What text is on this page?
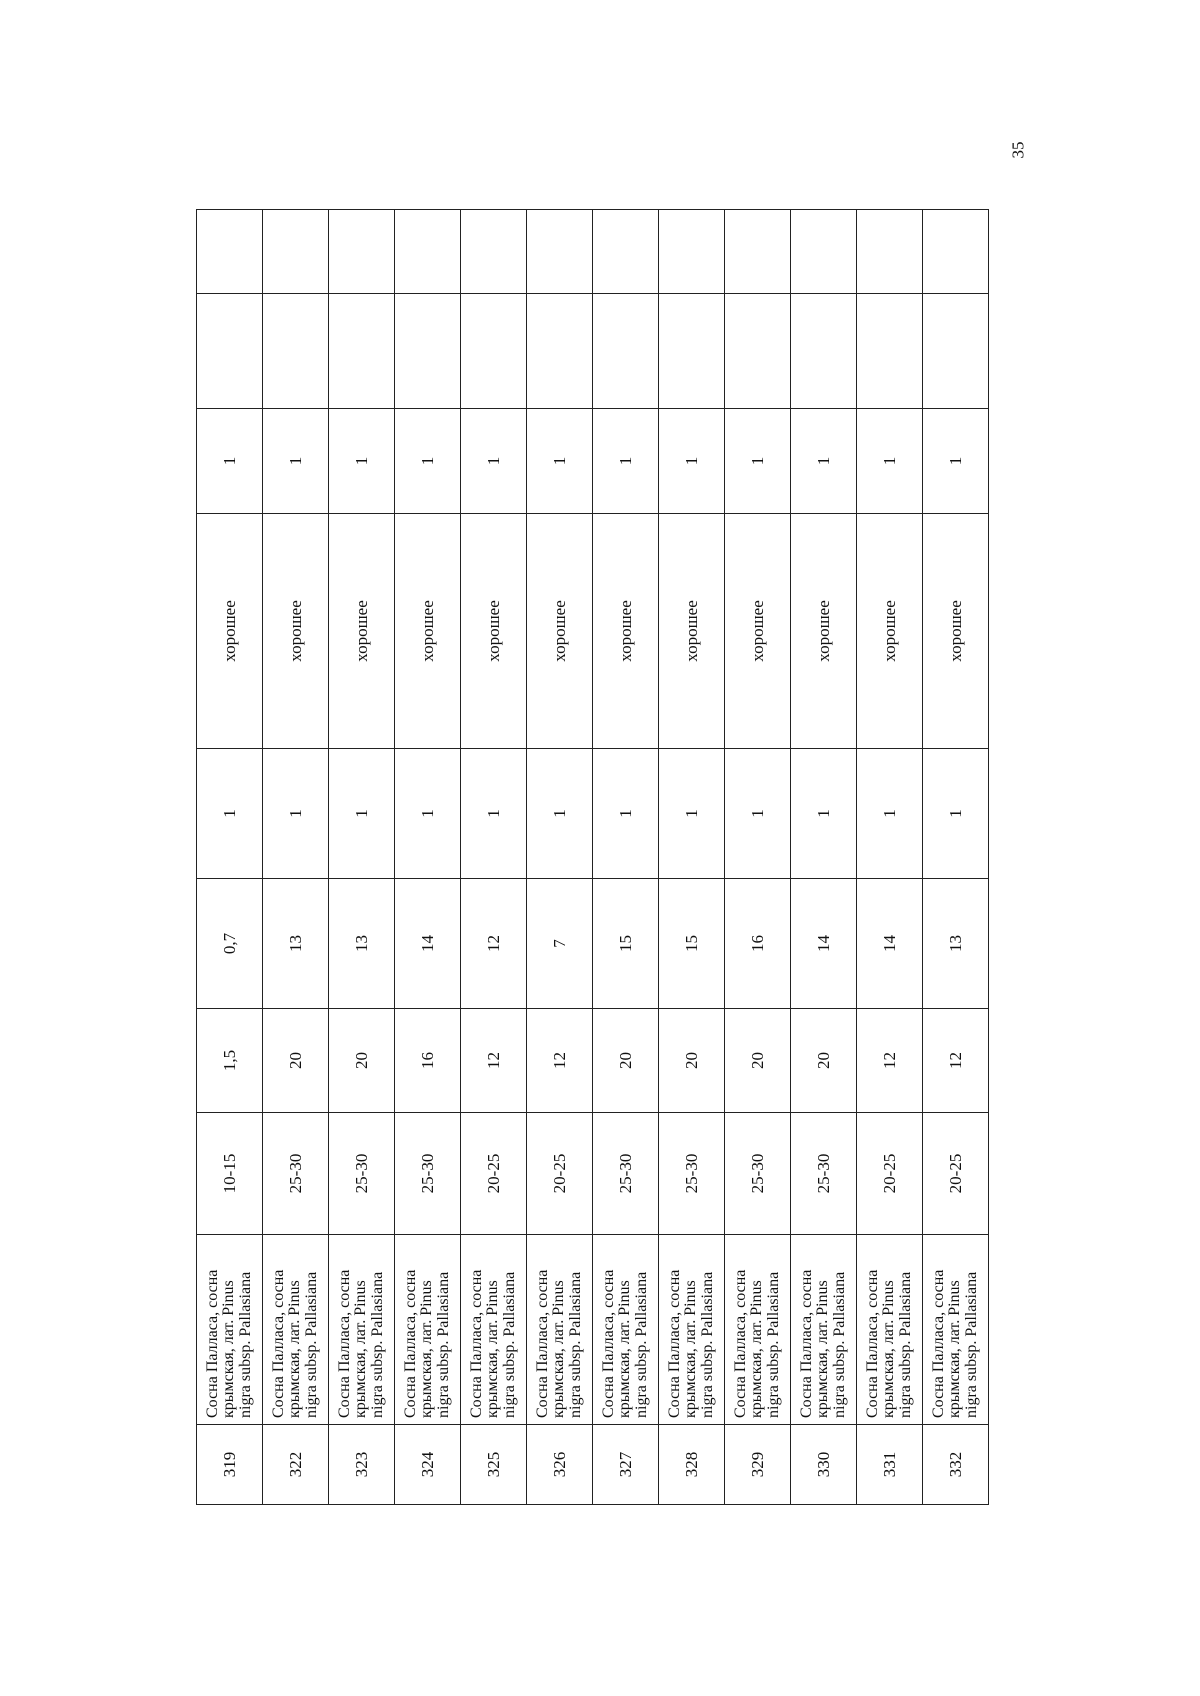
35
319	Сосна Палласа, сосна крымская, лат. Pinus nigra subsp. Pallasiana	10-15	1,5	0,7	1	хорошее	1		
322	Сосна Палласа, сосна крымская, лат. Pinus nigra subsp. Pallasiana	25-30	20	13	1	хорошее	1		
323	Сосна Палласа, сосна крымская, лат. Pinus nigra subsp. Pallasiana	25-30	20	13	1	хорошее	1		
324	Сосна Палласа, сосна крымская, лат. Pinus nigra subsp. Pallasiana	25-30	16	14	1	хорошее	1		
325	Сосна Палласа, сосна крымская, лат. Pinus nigra subsp. Pallasiana	20-25	12	12	1	хорошее	1		
326	Сосна Палласа, сосна крымская, лат. Pinus nigra subsp. Pallasiana	20-25	12	7	1	хорошее	1		
327	Сосна Палласа, сосна крымская, лат. Pinus nigra subsp. Pallasiana	25-30	20	15	1	хорошее	1		
328	Сосна Палласа, сосна крымская, лат. Pinus nigra subsp. Pallasiana	25-30	20	15	1	хорошее	1		
329	Сосна Палласа, сосна крымская, лат. Pinus nigra subsp. Pallasiana	25-30	20	16	1	хорошее	1		
330	Сосна Палласа, сосна крымская, лат. Pinus nigra subsp. Pallasiana	25-30	20	14	1	хорошее	1		
331	Сосна Палласа, сосна крымская, лат. Pinus nigra subsp. Pallasiana	20-25	12	14	1	хорошее	1		
332	Сосна Палласа, сосна крымская, лат. Pinus nigra subsp. Pallasiana	20-25	12	13	1	хорошее	1		
